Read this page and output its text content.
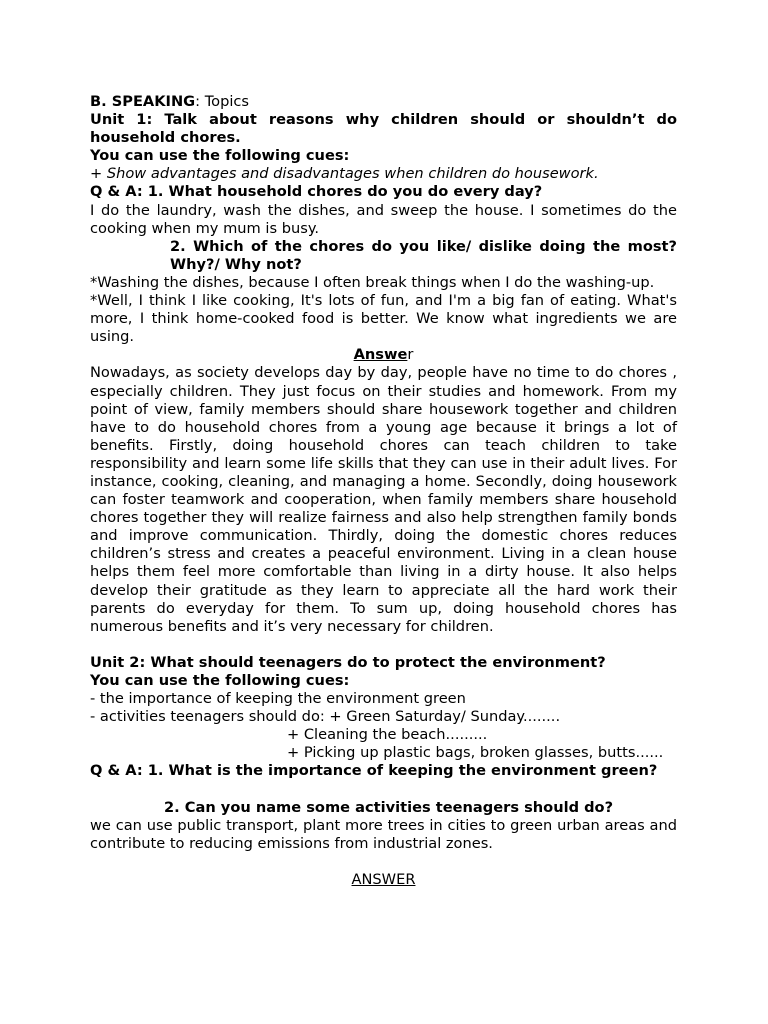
B. SPEAKING: Topics

Unit 1: Talk about reasons why children should or shouldn’t do household chores.

You can use the following cues:

+ Show advantages and disadvantages when children do housework.

Q & A: 1. What household chores do you do every day?

I do the laundry, wash the dishes, and sweep the house. I sometimes do the cooking when my mum is busy.

2. Which of the chores do you like/ dislike doing the most? Why?/ Why not?

*Washing the dishes, because I often break things when I do the washing-up.

*Well, I think I like cooking, It's lots of fun, and I'm a big fan of eating. What's more, I think home-cooked food is better. We know what ingredients we are using.

Answer

Nowadays, as society develops day by day, people have no time to do chores , especially children. They just focus on their studies and homework. From my point of view, family members should share housework together and children have to do household chores from a young age because it brings a lot of benefits. Firstly, doing household chores can teach children to take responsibility and learn some life skills that they can use in their adult lives. For instance, cooking, cleaning, and managing a home. Secondly, doing housework can foster teamwork and cooperation, when family members share household chores together they will realize fairness and also help strengthen family bonds and improve communication. Thirdly, doing the domestic chores reduces children’s stress and creates a peaceful environment. Living in a clean house helps them feel more comfortable than living in a dirty house. It also helps develop their gratitude as they learn to appreciate all the hard work their parents do everyday for them. To sum up, doing household chores has numerous benefits and it’s very necessary for children.

Unit 2: What should teenagers do to protect the environment?

You can use the following cues:

- the importance of keeping the environment green

- activities teenagers should do: + Green Saturday/ Sunday........

+ Cleaning the beach.........

+ Picking up plastic bags, broken glasses, butts......

Q & A: 1. What is the importance of keeping the environment green?

2. Can you name some activities teenagers should do?

we can use public transport, plant more trees in cities to green urban areas and contribute to reducing emissions from industrial zones.

ANSWER
